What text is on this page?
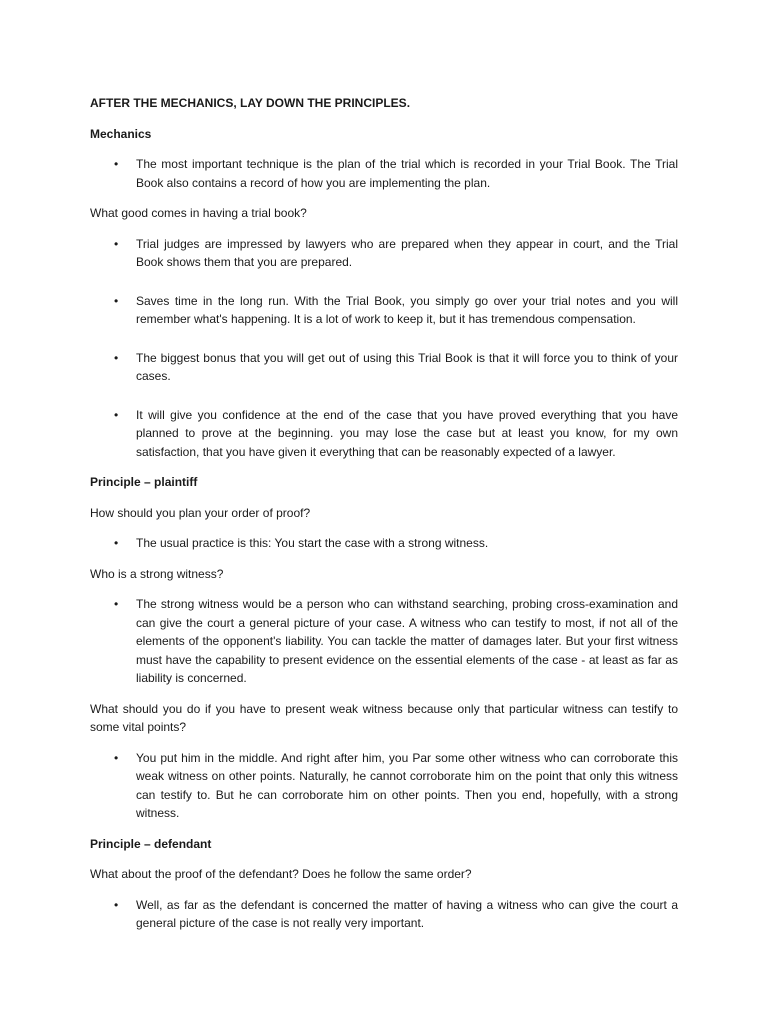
AFTER THE MECHANICS, LAY DOWN THE PRINCIPLES.

Mechanics

• The most important technique is the plan of the trial which is recorded in your Trial Book. The Trial Book also contains a record of how you are implementing the plan.

What good comes in having a trial book?

• Trial judges are impressed by lawyers who are prepared when they appear in court, and the Trial Book shows them that you are prepared.
• Saves time in the long run. With the Trial Book, you simply go over your trial notes and you will remember what's happening. It is a lot of work to keep it, but it has tremendous compensation.
• The biggest bonus that you will get out of using this Trial Book is that it will force you to think of your cases.
• It will give you confidence at the end of the case that you have proved everything that you have planned to prove at the beginning. you may lose the case but at least you know, for my own satisfaction, that you have given it everything that can be reasonably expected of a lawyer.

Principle – plaintiff

How should you plan your order of proof?

• The usual practice is this: You start the case with a strong witness.

Who is a strong witness?

• The strong witness would be a person who can withstand searching, probing cross-examination and can give the court a general picture of your case. A witness who can testify to most, if not all of the elements of the opponent's liability. You can tackle the matter of damages later. But your first witness must have the capability to present evidence on the essential elements of the case - at least as far as liability is concerned.

What should you do if you have to present weak witness because only that particular witness can testify to some vital points?

• You put him in the middle. And right after him, you Par some other witness who can corroborate this weak witness on other points. Naturally, he cannot corroborate him on the point that only this witness can testify to. But he can corroborate him on other points. Then you end, hopefully, with a strong witness.

Principle – defendant

What about the proof of the defendant? Does he follow the same order?

• Well, as far as the defendant is concerned the matter of having a witness who can give the court a general picture of the case is not really very important.
